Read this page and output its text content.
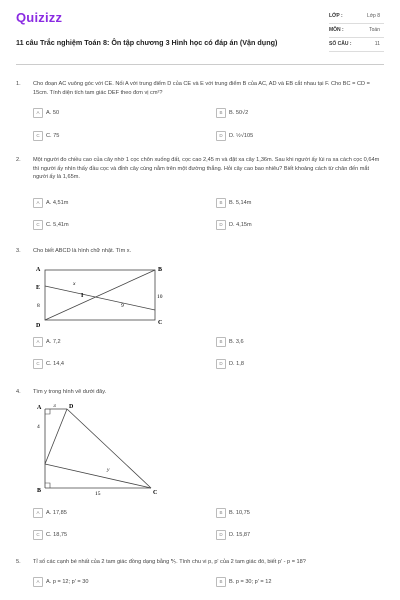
Quizizz
11 câu Trắc nghiệm Toán 8: Ôn tập chương 3 Hình học có đáp án (Vận dụng)
LỚP :	Lớp 8
MÔN :	Toán
SỐ CÂU :	11
1. Cho đoạn AC vuông góc với CE. Nối A với trung điểm D của CE và E với trung điểm B của AC, AD và EB cắt nhau tại F. Cho BC = CD = 15cm. Tính diện tích tam giác DEF theo đơn vị cm²?
A	A. 50	B	B. 50√2
C	C. 75	D	D. ½√105
2. Một người đo chiều cao của cây nhờ 1 cọc chôn xuống đất, cọc cao 2,45 m và đặt xa cây 1,36m. Sau khi người ấy lùi ra xa cách cọc 0,64m thì người ấy nhìn thấy đầu cọc và đỉnh cây cùng nằm trên một đường thẳng. Hỏi cây cao bao nhiêu? Biết khoảng cách từ chân đến mắt người ấy là 1,65m.
A	A. 4,51m	B	B. 5,14m
C	C. 5,41m	D	D. 4,15m
3. Cho biết ABCD là hình chữ nhật. Tìm x.
A	B
C
D
E
I
x
8	9
10
A	A. 7,2	B	B. 3,6
C	C. 14,4	D	D. 1,8
4. Tìm y trong hình vẽ dưới đây.
A	D
B	C
3
4
15
y
A	A. 17,85	B	B. 10,75
C	C. 18,75	D	D. 15,87
5. Tỉ số các cạnh bé nhất của 2 tam giác đồng dạng bằng ⅗. Tính chu vi p, p' của 2 tam giác đó, biết p' - p = 18?
A	A. p = 12; p' = 30	B	B. p = 30; p' = 12
